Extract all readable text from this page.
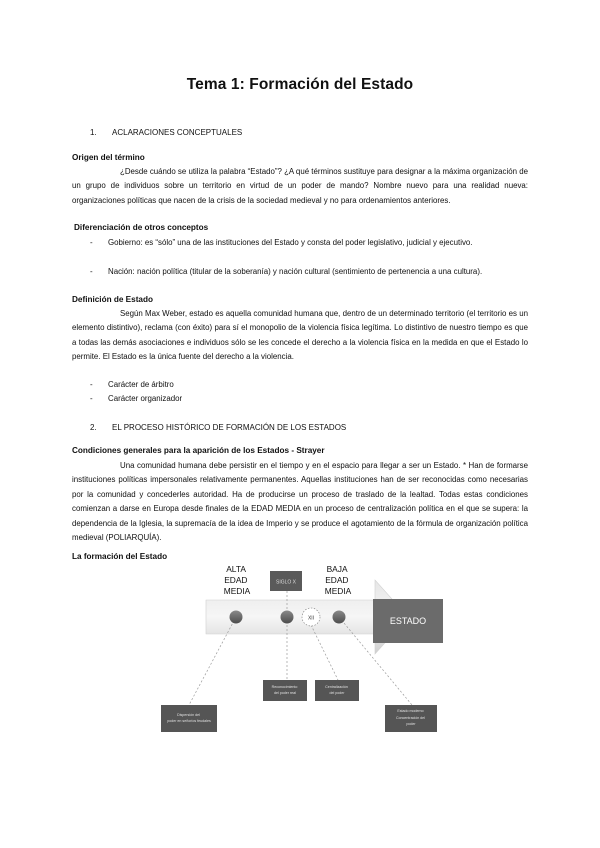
Tema 1: Formación del Estado
1. ACLARACIONES CONCEPTUALES
Origen del término
¿Desde cuándo se utiliza la palabra “Estado”? ¿A qué términos sustituye para designar a la máxima organización de un grupo de individuos sobre un territorio en virtud de un poder de mando? Nombre nuevo para una realidad nueva: organizaciones políticas que nacen de la crisis de la sociedad medieval y no para ordenamientos anteriores.
Diferenciación de otros conceptos
-	Gobierno: es “sólo” una de las instituciones del Estado y consta del poder legislativo, judicial y ejecutivo.
-	Nación: nación política (titular de la soberanía) y nación cultural (sentimiento de pertenencia a una cultura).
Definición de Estado
Según Max Weber, estado es aquella comunidad humana que, dentro de un determinado territorio (el territorio es un elemento distintivo), reclama (con éxito) para sí el monopolio de la violencia física legítima. Lo distintivo de nuestro tiempo es que a todas las demás asociaciones e individuos sólo se les concede el derecho a la violencia física en la medida en que el Estado lo permite. El Estado es la única fuente del derecho a la violencia.
-	Carácter de árbitro
-	Carácter organizador
2. EL PROCESO HISTÓRICO DE FORMACIÓN DE LOS ESTADOS
Condiciones generales para la aparición de los Estados - Strayer
Una comunidad humana debe persistir en el tiempo y en el espacio para llegar a ser un Estado. * Han de formarse instituciones políticas impersonales relativamente permanentes. Aquellas instituciones han de ser reconocidas como necesarias por la comunidad y concederles autoridad. Ha de producirse un proceso de traslado de la lealtad. Todas estas condiciones comienzan a darse en Europa desde finales de la EDAD MEDIA en un proceso de centralización política en el que se supera: la dependencia de la Iglesia, la supremacía de la idea de Imperio y se produce el agotamiento de la fórmula de organización política medieval (POLIARQUÍA).
La formación del Estado
XII
SIGLO X
ALTA EDAD MEDIA
BAJA EDAD MEDIA
ESTADO
Dispersión del poder en señoríos feudales
Reconocimiento del poder real
Centralización del poder
Estado moderno Concentración del poder
